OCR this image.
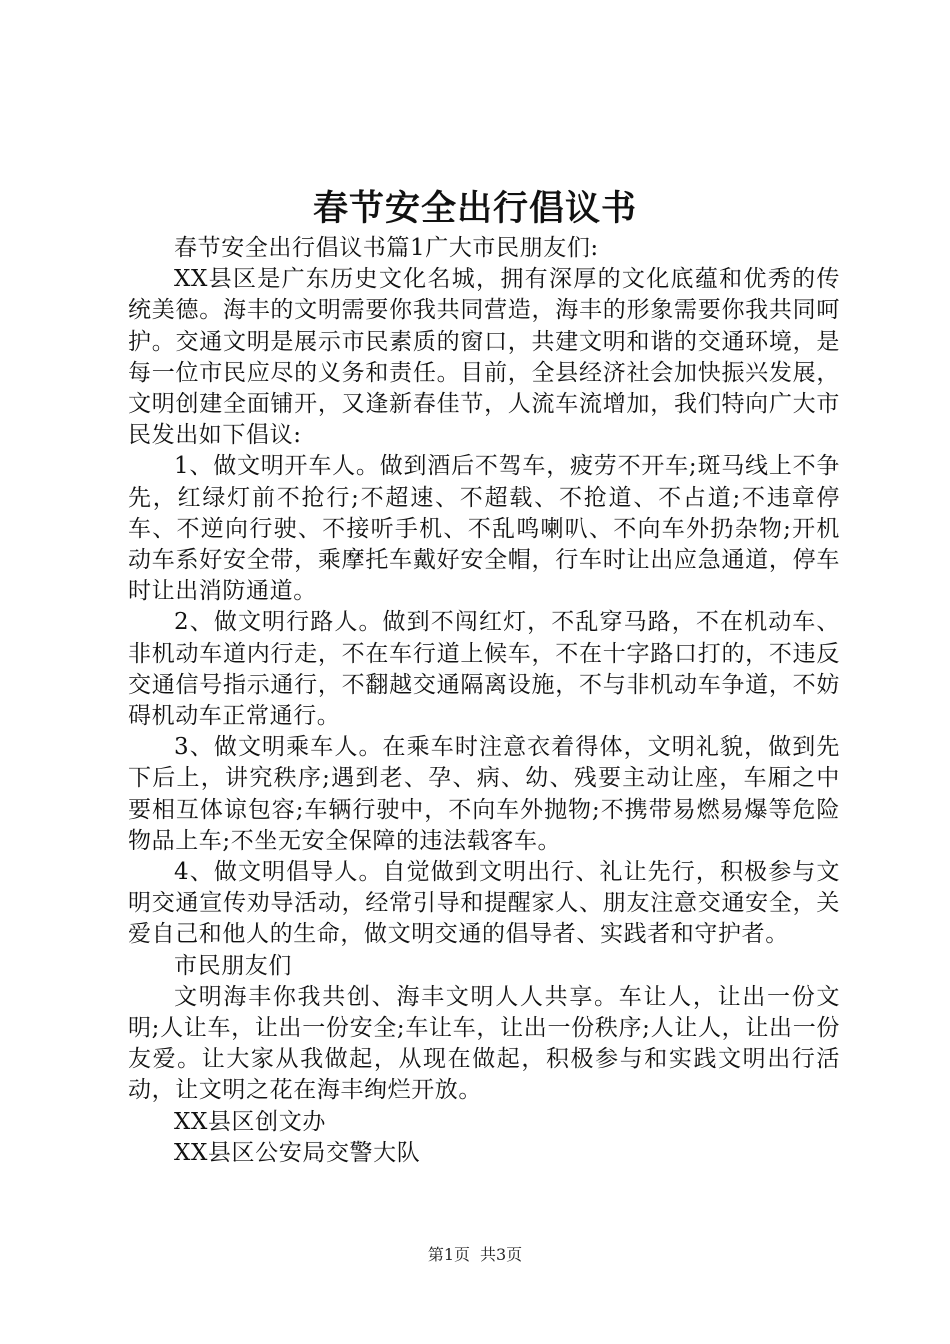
春节安全出行倡议书

春节安全出行倡议书篇1广大市民朋友们:

XX县区是广东历史文化名城，拥有深厚的文化底蕴和优秀的传统美德。海丰的文明需要你我共同营造，海丰的形象需要你我共同呵护。交通文明是展示市民素质的窗口，共建文明和谐的交通环境，是每一位市民应尽的义务和责任。目前，全县经济社会加快振兴发展，文明创建全面铺开，又逢新春佳节，人流车流增加，我们特向广大市民发出如下倡议:

1、做文明开车人。做到酒后不驾车，疲劳不开车;斑马线上不争先，红绿灯前不抢行;不超速、不超载、不抢道、不占道;不违章停车、不逆向行驶、不接听手机、不乱鸣喇叭、不向车外扔杂物;开机动车系好安全带，乘摩托车戴好安全帽，行车时让出应急通道，停车时让出消防通道。

2、做文明行路人。做到不闯红灯，不乱穿马路，不在机动车、非机动车道内行走，不在车行道上候车，不在十字路口打的，不违反交通信号指示通行，不翻越交通隔离设施，不与非机动车争道，不妨碍机动车正常通行。

3、做文明乘车人。在乘车时注意衣着得体，文明礼貌，做到先下后上，讲究秩序;遇到老、孕、病、幼、残要主动让座，车厢之中要相互体谅包容;车辆行驶中，不向车外抛物;不携带易燃易爆等危险物品上车;不坐无安全保障的违法载客车。

4、做文明倡导人。自觉做到文明出行、礼让先行，积极参与文明交通宣传劝导活动，经常引导和提醒家人、朋友注意交通安全，关爱自己和他人的生命，做文明交通的倡导者、实践者和守护者。

市民朋友们

文明海丰你我共创、海丰文明人人共享。车让人，让出一份文明;人让车，让出一份安全;车让车，让出一份秩序;人让人，让出一份友爱。让大家从我做起，从现在做起，积极参与和实践文明出行活动，让文明之花在海丰绚烂开放。

XX县区创文办

XX县区公安局交警大队

第1页 共3页
